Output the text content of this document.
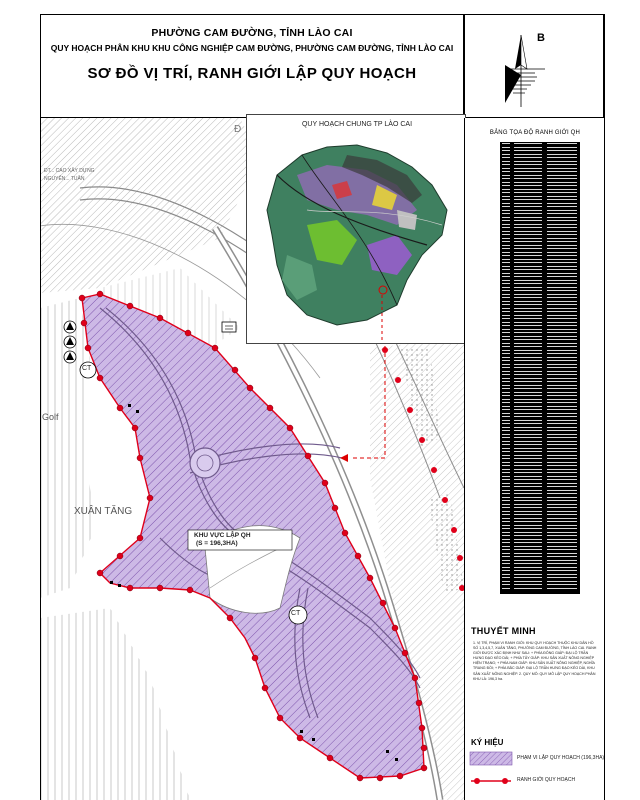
PHƯỜNG CAM ĐƯỜNG, TỈNH LÀO CAI
QUY HOẠCH PHÂN KHU KHU CÔNG NGHIỆP CAM ĐƯỜNG, PHƯỜNG CAM ĐƯỜNG, TỈNH LÀO CAI
SƠ ĐỒ VỊ TRÍ, RANH GIỚI LẬP QUY HOẠCH
B
XUÂN TĂNG
Golf
CT
CT
Đ
ĐT... CAO XÂY DỰNG
NGUYÊN... TUÂN
KHU VỰC LẬP QH
(S = 196,3HA)
QUY HOẠCH CHUNG TP LÀO CAI
BẢNG TỌA ĐỘ RANH GIỚI QH
THUYẾT MINH
1. VỊ TRÍ, PHẠM VI RANH GIỚI: KHU QUY HOẠCH THUỘC KHU DÂN HỒ SỐ 1,3,4,5,7, XUÂN TĂNG, PHƯỜNG CAM ĐƯỜNG, TỈNH LÀO CAI. RANH GIỚI ĐƯỢC XÁC ĐỊNH NHƯ SAU: + PHÍA ĐÔNG GIÁP: ĐẠI LỘ TRẦN HƯNG ĐẠO KÉO DÀI; + PHÍA TÂY GIÁP: KHU SẢN XUẤT NÔNG NGHIỆP HIỆN TRẠNG; + PHÍA NAM GIÁP: KHU SẢN XUẤT NÔNG NGHIỆP, NGHĨA TRANG ĐỒI; + PHÍA BẮC GIÁP: ĐẠI LỘ TRẦN HƯNG ĐẠO KÉO DÀI, KHU SẢN XUẤT NÔNG NGHIỆP. 2. QUY MÔ: QUY MÔ LẬP QUY HOẠCH PHÂN KHU LÀ: 196,3 ha.
KÝ HIỆU
PHẠM VI LẬP QUY HOẠCH (196,3HA)
RANH GIỚI QUY HOẠCH
